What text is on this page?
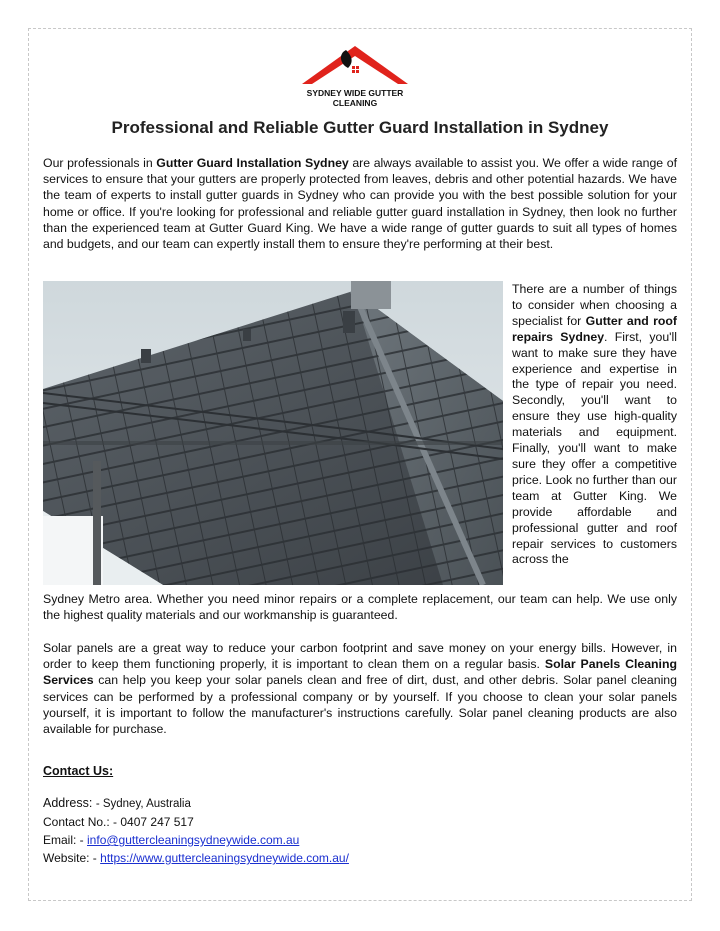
SYDNEY WIDE GUTTER
CLEANING
Professional and Reliable Gutter Guard Installation in Sydney

Our professionals in Gutter Guard Installation Sydney are always available to assist you. We offer a wide range of services to ensure that your gutters are properly protected from leaves, debris and other potential hazards. We have the team of experts to install gutter guards in Sydney who can provide you with the best possible solution for your home or office. If you're looking for professional and reliable gutter guard installation in Sydney, then look no further than the experienced team at Gutter Guard King. We have a wide range of gutter guards to suit all types of homes and budgets, and our team can expertly install them to ensure they're performing at their best.

There are a number of things to consider when choosing a specialist for Gutter and roof repairs Sydney. First, you'll want to make sure they have experience and expertise in the type of repair you need. Secondly, you'll want to ensure they use high-quality materials and equipment. Finally, you'll want to make sure they offer a competitive price. Look no further than our team at Gutter King. We provide affordable and professional gutter and roof repair services to customers across the

Sydney Metro area. Whether you need minor repairs or a complete replacement, our team can help. We use only the highest quality materials and our workmanship is guaranteed.

Solar panels are a great way to reduce your carbon footprint and save money on your energy bills. However, in order to keep them functioning properly, it is important to clean them on a regular basis. Solar Panels Cleaning Services can help you keep your solar panels clean and free of dirt, dust, and other debris. Solar panel cleaning services can be performed by a professional company or by yourself. If you choose to clean your solar panels yourself, it is important to follow the manufacturer's instructions carefully. Solar panel cleaning products are also available for purchase.

Contact Us:

Address: - Sydney, Australia

Contact No.: - 0407 247 517

Email: - info@guttercleaningsydneywide.com.au

Website: - https://www.guttercleaningsydneywide.com.au/
